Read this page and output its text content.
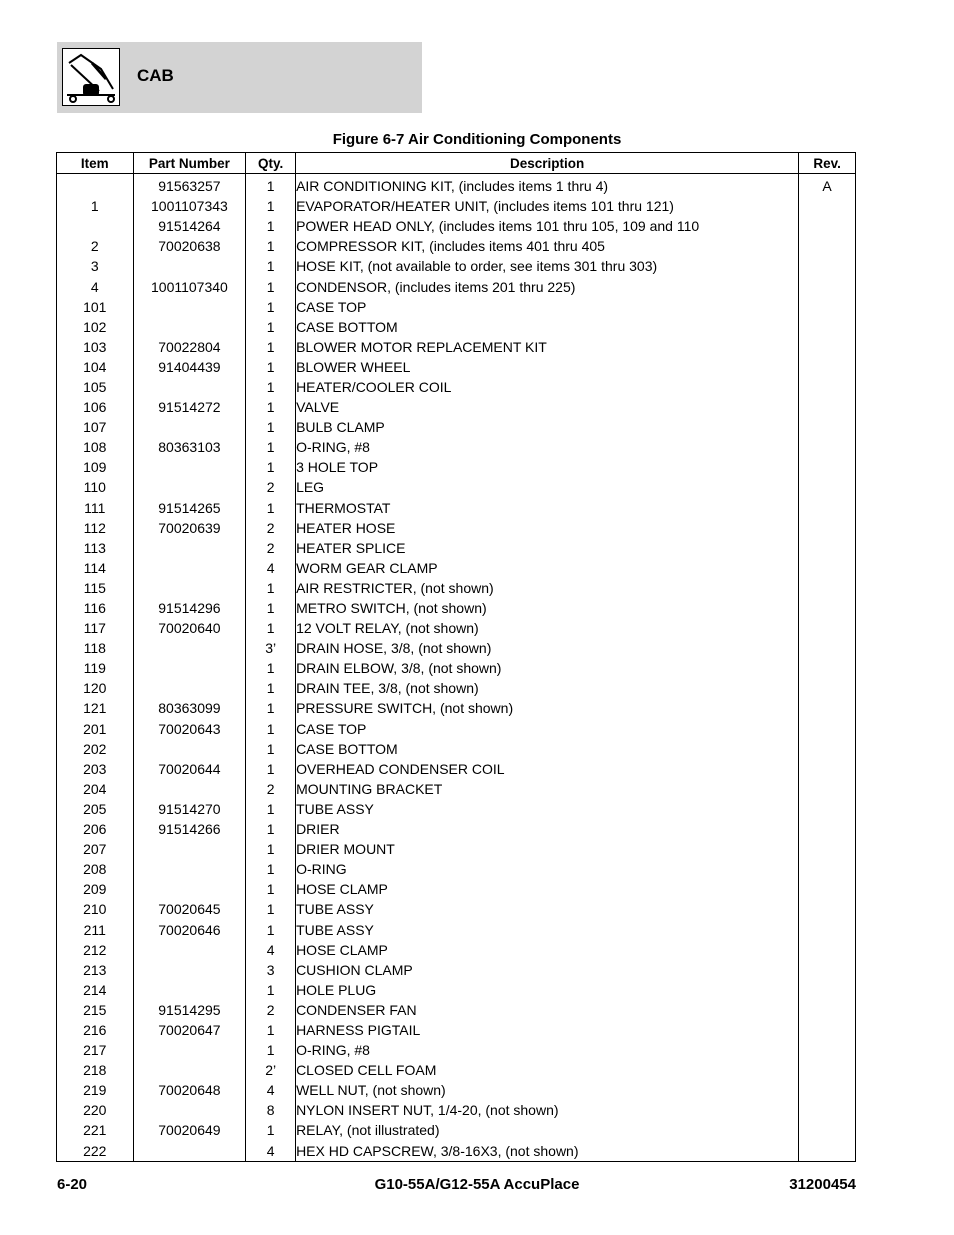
CAB
Figure 6-7 Air Conditioning Components
Item	Part Number	Qty.	Description	Rev.
	91563257	1	AIR CONDITIONING KIT, (includes items 1 thru 4)	A
1	1001107343	1	EVAPORATOR/HEATER UNIT, (includes items 101 thru 121)	
	91514264	1	POWER HEAD ONLY, (includes items 101 thru 105, 109 and 110	
2	70020638	1	COMPRESSOR KIT, (includes items 401 thru 405	
3		1	HOSE KIT, (not available to order, see items 301 thru 303)	
4	1001107340	1	CONDENSOR, (includes items 201 thru 225)	
101		1	CASE TOP	
102		1	CASE BOTTOM	
103	70022804	1	BLOWER MOTOR REPLACEMENT KIT	
104	91404439	1	BLOWER WHEEL	
105		1	HEATER/COOLER COIL	
106	91514272	1	VALVE	
107		1	BULB CLAMP	
108	80363103	1	O-RING, #8	
109		1	3 HOLE TOP	
110		2	LEG	
111	91514265	1	THERMOSTAT	
112	70020639	2	HEATER HOSE	
113		2	HEATER SPLICE	
114		4	WORM GEAR CLAMP	
115		1	AIR RESTRICTER, (not shown)	
116	91514296	1	METRO SWITCH, (not shown)	
117	70020640	1	12 VOLT RELAY, (not shown)	
118		3’	DRAIN HOSE, 3/8, (not shown)	
119		1	DRAIN ELBOW, 3/8, (not shown)	
120		1	DRAIN TEE, 3/8, (not shown)	
121	80363099	1	PRESSURE SWITCH, (not shown)	
201	70020643	1	CASE TOP	
202		1	CASE BOTTOM	
203	70020644	1	OVERHEAD CONDENSER COIL	
204		2	MOUNTING BRACKET	
205	91514270	1	TUBE ASSY	
206	91514266	1	DRIER	
207		1	DRIER MOUNT	
208		1	O-RING	
209		1	HOSE CLAMP	
210	70020645	1	TUBE ASSY	
211	70020646	1	TUBE ASSY	
212		4	HOSE CLAMP	
213		3	CUSHION CLAMP	
214		1	HOLE PLUG	
215	91514295	2	CONDENSER FAN	
216	70020647	1	HARNESS PIGTAIL	
217		1	O-RING, #8	
218		2’	CLOSED CELL FOAM	
219	70020648	4	WELL NUT, (not shown)	
220		8	NYLON INSERT NUT, 1/4-20, (not shown)	
221	70020649	1	RELAY, (not illustrated)	
222		4	HEX HD CAPSCREW, 3/8-16X3, (not shown)	
6-20	G10-55A/G12-55A AccuPlace	31200454
